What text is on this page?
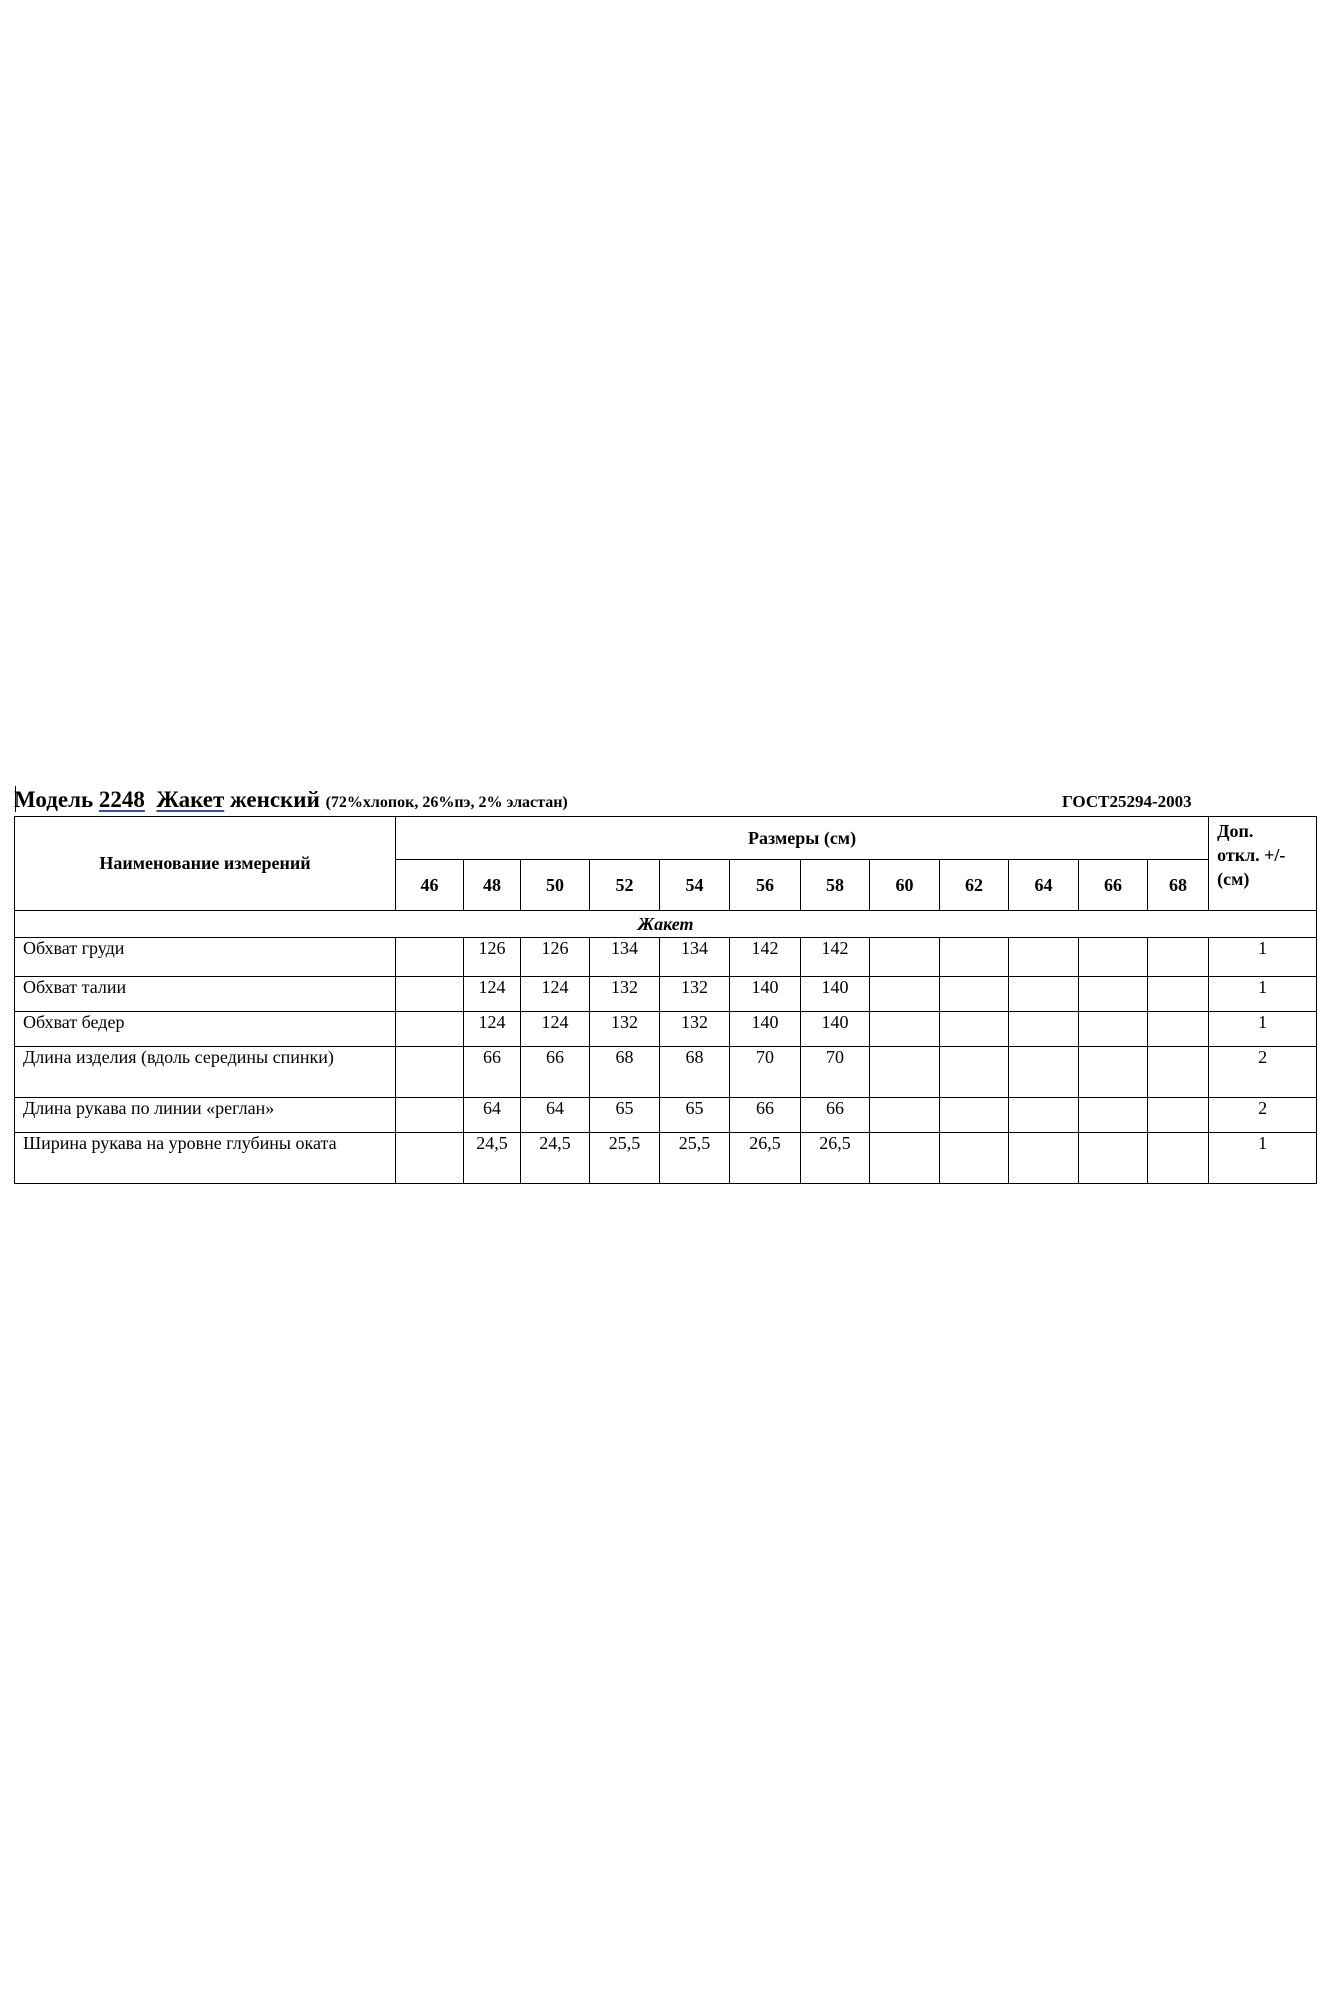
Модель 2248 Жакет женский (72%хлопок, 26%пэ, 2% эластан)	ГОСТ25294-2003
Наименование измерений	Размеры (см)												Доп.
откл. +/-
(см)
	46	48	50	52	54	56	58	60	62	64	66	68	
Жакет													
Обхват груди		126	126	134	134	142	142						1
Обхват талии		124	124	132	132	140	140						1
Обхват бедер		124	124	132	132	140	140						1
Длина изделия (вдоль середины спинки)		66	66	68	68	70	70						2
Длина рукава по линии «реглан»		64	64	65	65	66	66						2
Ширина рукава на уровне глубины оката		24,5	24,5	25,5	25,5	26,5	26,5						1
